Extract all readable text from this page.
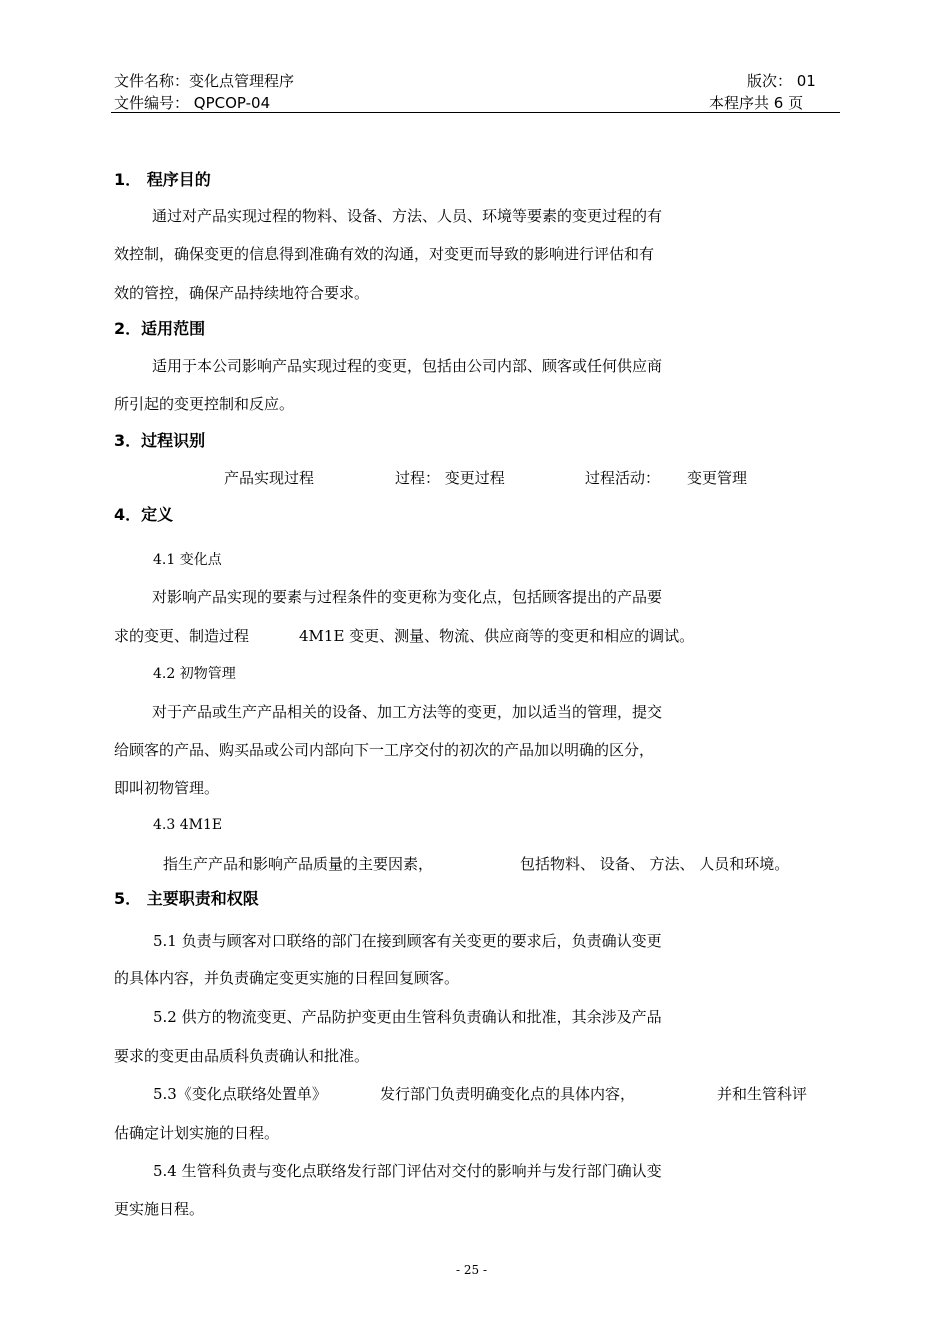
文件名称：变化点管理程序	版次： 01
文件编号： QPCOP-04	本程序共 6 页
1． 程序目的
通过对产品实现过程的物料、设备、方法、人员、环境等要素的变更过程的有
效控制，确保变更的信息得到准确有效的沟通，对变更而导致的影响进行评估和有
效的管控，确保产品持续地符合要求。
2．适用范围
适用于本公司影响产品实现过程的变更，包括由公司内部、顾客或任何供应商
所引起的变更控制和反应。
3．过程识别
产品实现过程	过程： 变更过程	过程活动： 变更管理
4．定义
4.1 变化点
对影响产品实现的要素与过程条件的变更称为变化点，包括顾客提出的产品要
求的变更、制造过程	4M1E 变更、测量、物流、供应商等的变更和相应的调试。
4.2 初物管理
对于产品或生产产品相关的设备、加工方法等的变更，加以适当的管理，提交
给顾客的产品、购买品或公司内部向下一工序交付的初次的产品加以明确的区分，
即叫初物管理。
4.3 4M1E
指生产产品和影响产品质量的主要因素，	包括物料、 设备、 方法、 人员和环境。
5． 主要职责和权限
5.1 负责与顾客对口联络的部门在接到顾客有关变更的要求后，负责确认变更
的具体内容，并负责确定变更实施的日程回复顾客。
5.2 供方的物流变更、产品防护变更由生管科负责确认和批准，其余涉及产品
要求的变更由品质科负责确认和批准。
5.3《变化点联络处置单》	发行部门负责明确变化点的具体内容，	并和生管科评
估确定计划实施的日程。
5.4 生管科负责与变化点联络发行部门评估对交付的影响并与发行部门确认变
更实施日程。
- 25 -
